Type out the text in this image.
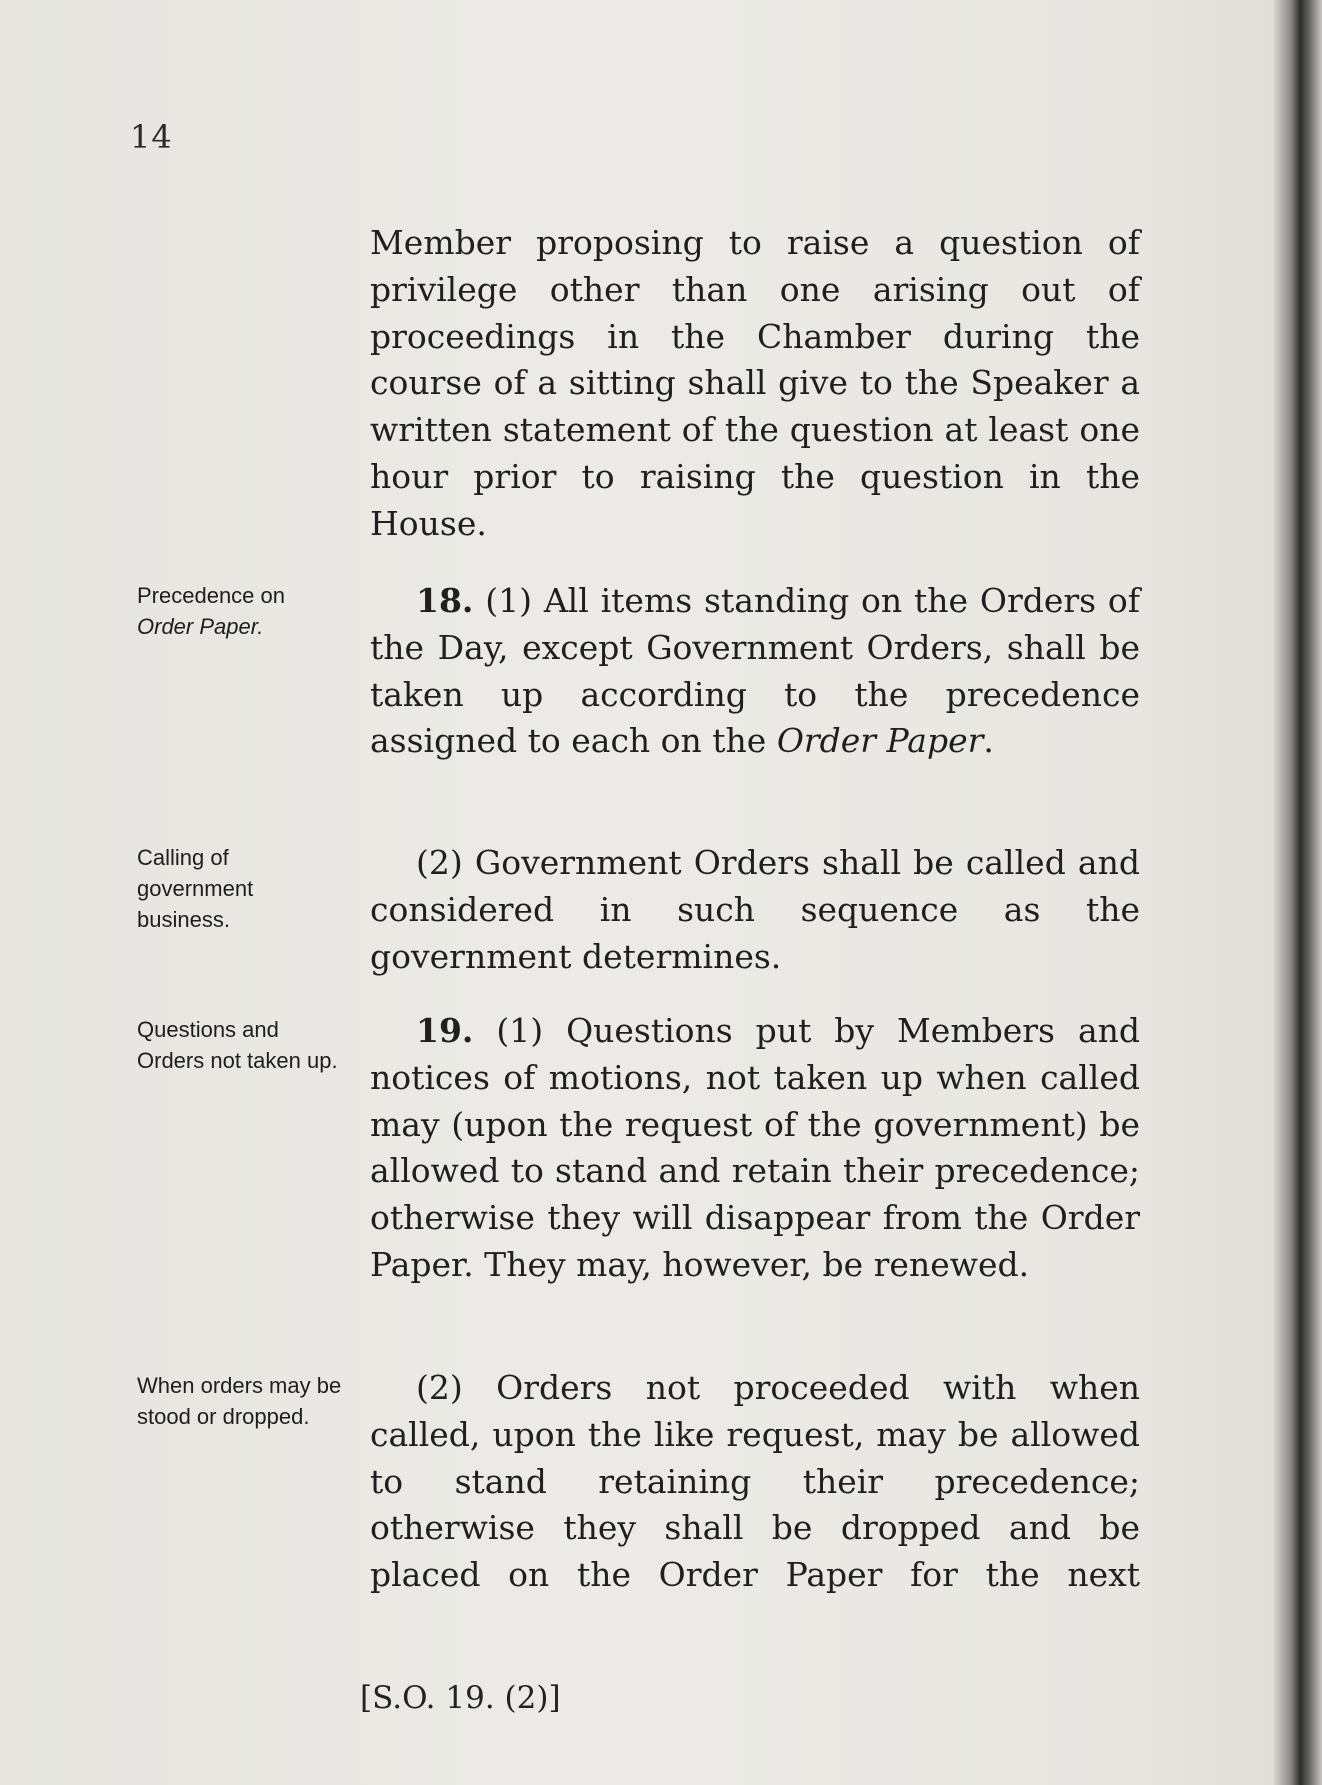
14
Member proposing to raise a question of privilege other than one arising out of proceedings in the Chamber during the course of a sitting shall give to the Speaker a written statement of the question at least one hour prior to raising the question in the House.
Precedence on
Order Paper.
18. (1) All items standing on the Orders of the Day, except Government Orders, shall be taken up according to the precedence assigned to each on the Order Paper.
Calling of government business.
(2) Government Orders shall be called and considered in such sequence as the government determines.
Questions and Orders not taken up.
19. (1) Questions put by Members and notices of motions, not taken up when called may (upon the request of the government) be allowed to stand and retain their precedence; otherwise they will disappear from the Order Paper. They may, however, be renewed.
When orders may be stood or dropped.
(2) Orders not proceeded with when called, upon the like request, may be allowed to stand retaining their precedence; otherwise they shall be dropped and be placed on the Order Paper for the next
[S.O. 19. (2)]
